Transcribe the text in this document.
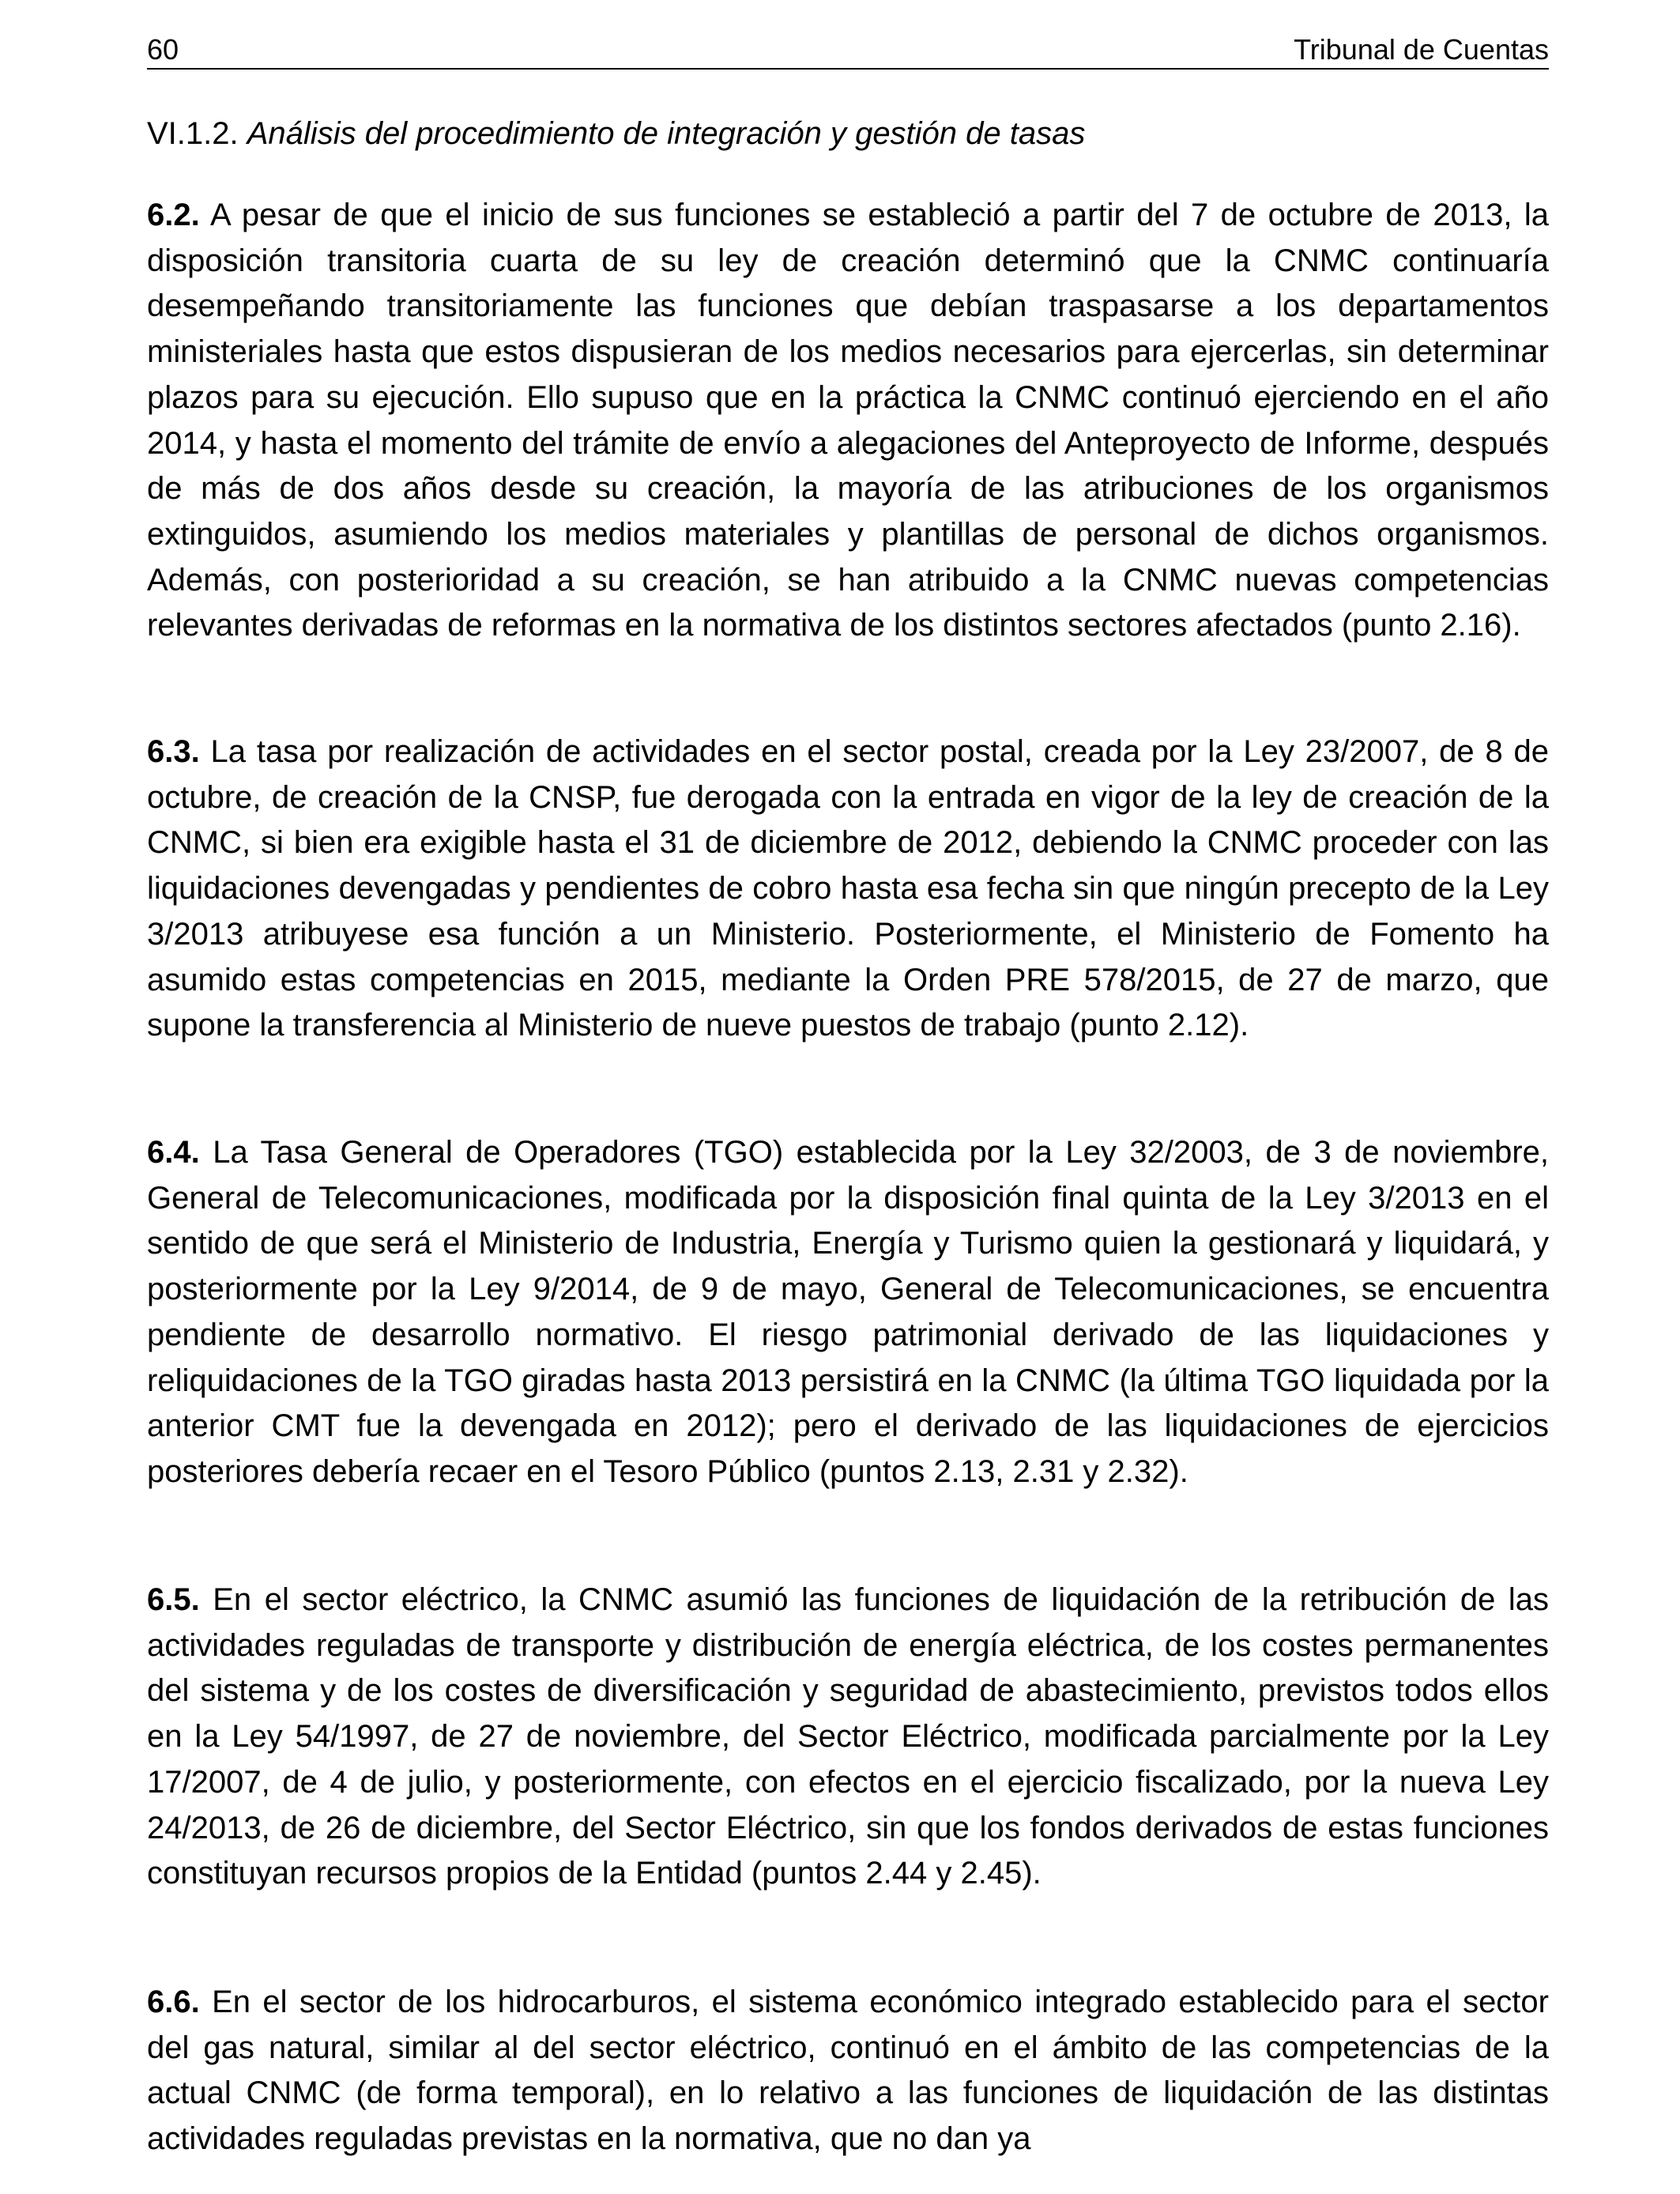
60	Tribunal de Cuentas
VI.1.2. Análisis del procedimiento de integración y gestión de tasas

6.2. A pesar de que el inicio de sus funciones se estableció a partir del 7 de octubre de 2013, la disposición transitoria cuarta de su ley de creación determinó que la CNMC continuaría desempeñando transitoriamente las funciones que debían traspasarse a los departamentos ministeriales hasta que estos dispusieran de los medios necesarios para ejercerlas, sin determinar plazos para su ejecución. Ello supuso que en la práctica la CNMC continuó ejerciendo en el año 2014, y hasta el momento del trámite de envío a alegaciones del Anteproyecto de Informe, después de más de dos años desde su creación, la mayoría de las atribuciones de los organismos extinguidos, asumiendo los medios materiales y plantillas de personal de dichos organismos. Además, con posterioridad a su creación, se han atribuido a la CNMC nuevas competencias relevantes derivadas de reformas en la normativa de los distintos sectores afectados (punto 2.16).

6.3. La tasa por realización de actividades en el sector postal, creada por la Ley 23/2007, de 8 de octubre, de creación de la CNSP, fue derogada con la entrada en vigor de la ley de creación de la CNMC, si bien era exigible hasta el 31 de diciembre de 2012, debiendo la CNMC proceder con las liquidaciones devengadas y pendientes de cobro hasta esa fecha sin que ningún precepto de la Ley 3/2013 atribuyese esa función a un Ministerio. Posteriormente, el Ministerio de Fomento ha asumido estas competencias en 2015, mediante la Orden PRE 578/2015, de 27 de marzo, que supone la transferencia al Ministerio de nueve puestos de trabajo (punto 2.12).

6.4. La Tasa General de Operadores (TGO) establecida por la Ley 32/2003, de 3 de noviembre, General de Telecomunicaciones, modificada por la disposición final quinta de la Ley 3/2013 en el sentido de que será el Ministerio de Industria, Energía y Turismo quien la gestionará y liquidará, y posteriormente por la Ley 9/2014, de 9 de mayo, General de Telecomunicaciones, se encuentra pendiente de desarrollo normativo. El riesgo patrimonial derivado de las liquidaciones y reliquidaciones de la TGO giradas hasta 2013 persistirá en la CNMC (la última TGO liquidada por la anterior CMT fue la devengada en 2012); pero el derivado de las liquidaciones de ejercicios posteriores debería recaer en el Tesoro Público (puntos 2.13, 2.31 y 2.32).

6.5. En el sector eléctrico, la CNMC asumió las funciones de liquidación de la retribución de las actividades reguladas de transporte y distribución de energía eléctrica, de los costes permanentes del sistema y de los costes de diversificación y seguridad de abastecimiento, previstos todos ellos en la Ley 54/1997, de 27 de noviembre, del Sector Eléctrico, modificada parcialmente por la Ley 17/2007, de 4 de julio, y posteriormente, con efectos en el ejercicio fiscalizado, por la nueva Ley 24/2013, de 26 de diciembre, del Sector Eléctrico, sin que los fondos derivados de estas funciones constituyan recursos propios de la Entidad (puntos 2.44 y 2.45).

6.6. En el sector de los hidrocarburos, el sistema económico integrado establecido para el sector del gas natural, similar al del sector eléctrico, continuó en el ámbito de las competencias de la actual CNMC (de forma temporal), en lo relativo a las funciones de liquidación de las distintas actividades reguladas previstas en la normativa, que no dan ya
